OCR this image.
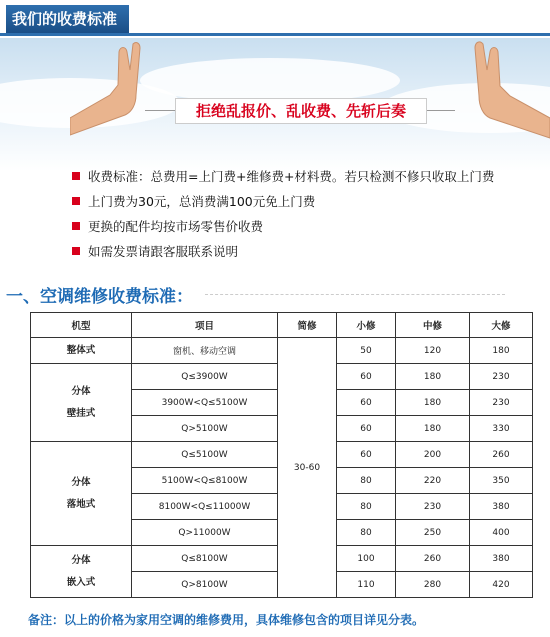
我们的收费标准
拒绝乱报价、乱收费、先斩后奏
收费标准：总费用=上门费+维修费+材料费。若只检测不修只收取上门费
上门费为30元，总消费满100元免上门费
更换的配件均按市场零售价收费
如需发票请跟客服联系说明
一、空调维修收费标准：
机型	项目	简修	小修	中修	大修
整体式	窗机、移动空调	30-60	50	120	180

分体
壁挂式	Q≤3900W		60	180	230
	3900W<Q≤5100W		60	180	230
	Q>5100W		60	180	330

分体
落地式	Q≤5100W		60	200	260
	5100W<Q≤8100W		80	220	350
	8100W<Q≤11000W		80	230	380
	Q>11000W		80	250	400

分体
嵌入式	Q≤8100W		100	260	380
	Q>8100W		110	280	420
备注：以上的价格为家用空调的维修费用，具体维修包含的项目详见分表。
